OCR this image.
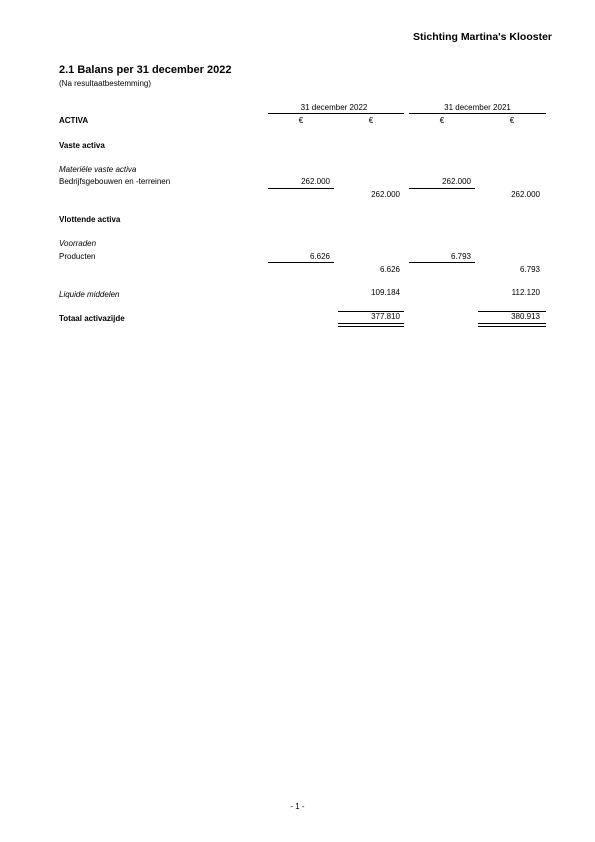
Stichting Martina's Klooster
2.1 Balans per 31 december 2022
(Na resultaatbestemming)
31 december 2022	31 december 2021
ACTIVA	€	€	€	€
Vaste activa
Materiële vaste activa
Bedrijfsgebouwen en -terreinen	262.000	262.000
262.000	262.000
Vlottende activa
Voorraden
Producten	6.626	6.793
6.626	6.793
Liquide middelen	109.184	112.120
Totaal activazijde	377.810	380.913
- 1 -
